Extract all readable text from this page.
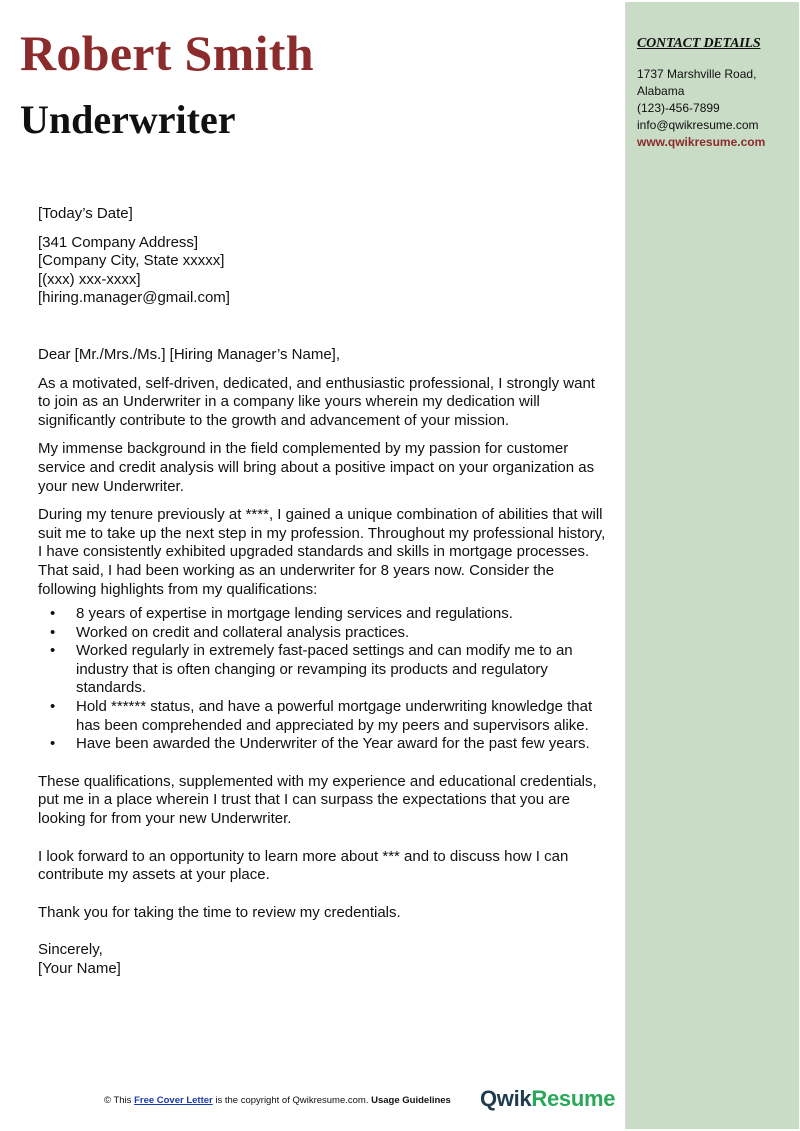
Robert Smith
Underwriter
CONTACT DETAILS
1737 Marshville Road,
Alabama
(123)-456-7899
info@qwikresume.com
www.qwikresume.com

[Today’s Date]

[341 Company Address]

[Company City, State xxxxx]

[(xxx) xxx-xxxx]

[hiring.manager@gmail.com]

Dear [Mr./Mrs./Ms.] [Hiring Manager’s Name],

As a motivated, self-driven, dedicated, and enthusiastic professional, I strongly want to join as an Underwriter in a company like yours wherein my dedication will significantly contribute to the growth and advancement of your mission.

My immense background in the field complemented by my passion for customer service and credit analysis will bring about a positive impact on your organization as your new Underwriter.

During my tenure previously at ****, I gained a unique combination of abilities that will suit me to take up the next step in my profession. Throughout my professional history, I have consistently exhibited upgraded standards and skills in mortgage processes. That said, I had been working as an underwriter for 8 years now. Consider the following highlights from my qualifications:

• 8 years of expertise in mortgage lending services and regulations.
• Worked on credit and collateral analysis practices.
• Worked regularly in extremely fast-paced settings and can modify me to an industry that is often changing or revamping its products and regulatory standards.
• Hold ****** status, and have a powerful mortgage underwriting knowledge that has been comprehended and appreciated by my peers and supervisors alike.
• Have been awarded the Underwriter of the Year award for the past few years.

These qualifications, supplemented with my experience and educational credentials, put me in a place wherein I trust that I can surpass the expectations that you are looking for from your new Underwriter.

I look forward to an opportunity to learn more about *** and to discuss how I can contribute my assets at your place.

Thank you for taking the time to review my credentials.

Sincerely,

[Your Name]

© This Free Cover Letter is the copyright of Qwikresume.com. Usage Guidelines QwikResume
